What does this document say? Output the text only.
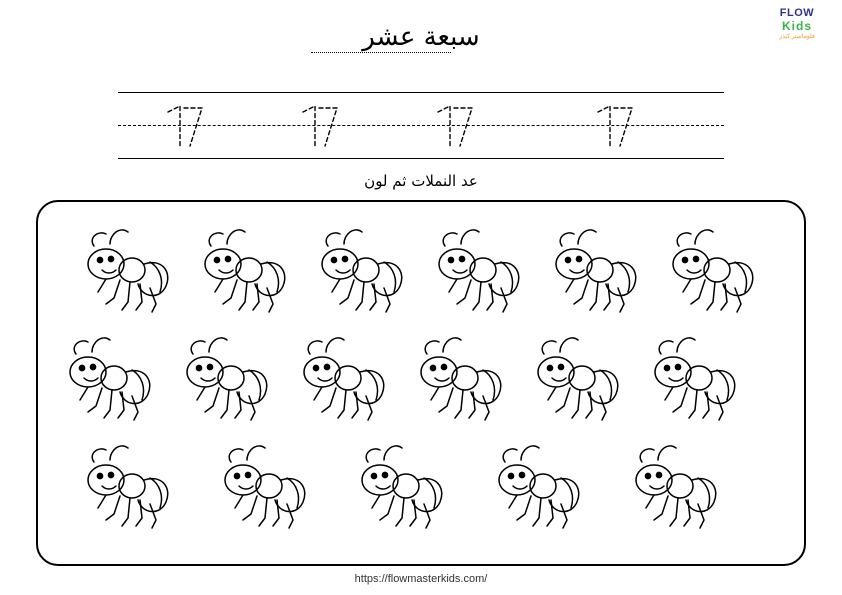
FLOW
Kids
فلوماستر كيدز
سبعة عشر
عد النملات ثم لون
https://flowmasterkids.com/
